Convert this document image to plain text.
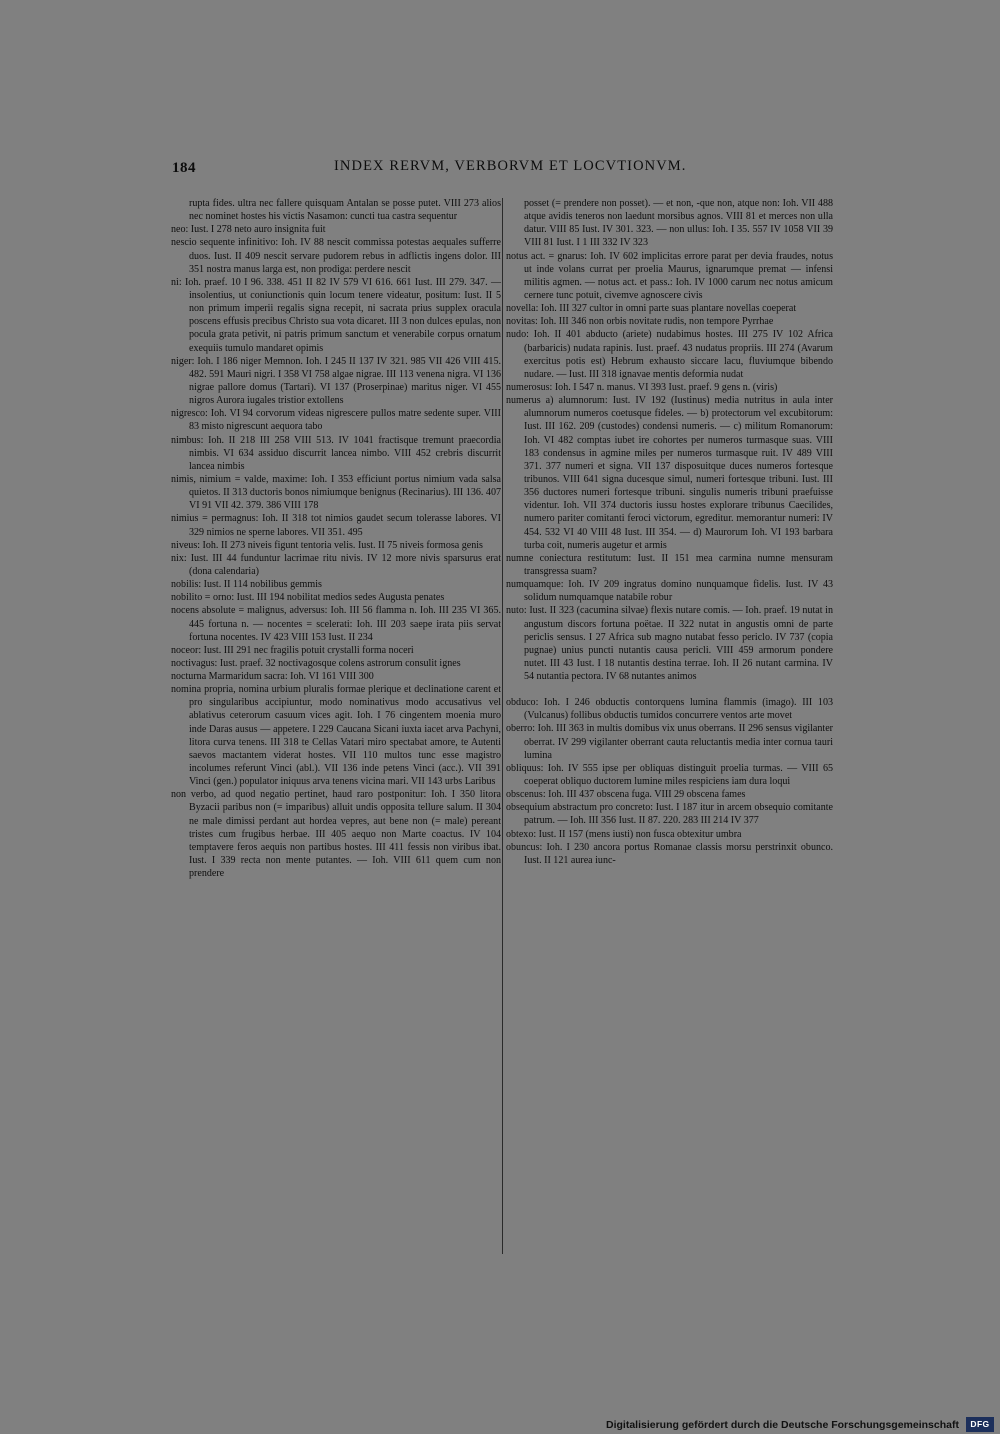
184	INDEX RERVM, VERBORVM ET LOCVTIONVM.

rupta fides. ultra nec fallere quisquam Antalan se posse putet. VIII 273 alios nec nominet hostes his victis Nasamon: cuncti tua castra sequentur

neo: Iust. I 278 neto auro insignita fuit

nescio sequente infinitivo: Ioh. IV 88 nescit commissa potestas aequales sufferre duos. Iust. II 409 nescit servare pudorem rebus in adflictis ingens dolor. III 351 nostra manus larga est, non prodiga: perdere nescit

ni: Ioh. praef. 10 I 96. 338. 451 II 82 IV 579 VI 616. 661 Iust. III 279. 347. — insolentius, ut coniunctionis quin locum tenere videatur, positum: Iust. II 5 non primum imperii regalis signa recepit, ni sacrata prius supplex oracula poscens effusis precibus Christo sua vota dicaret. III 3 non dulces epulas, non pocula grata petivit, ni patris primum sanctum et venerabile corpus ornatum exequiis tumulo mandaret opimis

niger: Ioh. I 186 niger Memnon. Ioh. I 245 II 137 IV 321. 985 VII 426 VIII 415. 482. 591 Mauri nigri. I 358 VI 758 algae nigrae. III 113 venena nigra. VI 136 nigrae pallore domus (Tartari). VI 137 (Proserpinae) maritus niger. VI 455 nigros Aurora iugales tristior extollens

nigresco: Ioh. VI 94 corvorum videas nigrescere pullos matre sedente super. VIII 83 misto nigrescunt aequora tabo

nimbus: Ioh. II 218 III 258 VIII 513. IV 1041 fractisque tremunt praecordia nimbis. VI 634 assiduo discurrit lancea nimbo. VIII 452 crebris discurrit lancea nimbis

nimis, nimium = valde, maxime: Ioh. I 353 efficiunt portus nimium vada salsa quietos. II 313 ductoris bonos nimiumque benignus (Recinarius). III 136. 407 VI 91 VII 42. 379. 386 VIII 178

nimius = permagnus: Ioh. II 318 tot nimios gaudet secum tolerasse labores. VI 329 nimios ne sperne labores. VII 351. 495

niveus: Ioh. II 273 niveis figunt tentoria velis. Iust. II 75 niveis formosa genis

nix: Iust. III 44 funduntur lacrimae ritu nivis. IV 12 more nivis sparsurus erat (dona calendaria)

nobilis: Iust. II 114 nobilibus gemmis

nobilito = orno: Iust. III 194 nobilitat medios sedes Augusta penates

nocens absolute = malignus, adversus: Ioh. III 56 flamma n. Ioh. III 235 VI 365. 445 fortuna n. — nocentes = scelerati: Ioh. III 203 saepe irata piis servat fortuna nocentes. IV 423 VIII 153 Iust. II 234

noceor: Iust. III 291 nec fragilis potuit crystalli forma noceri

noctivagus: Iust. praef. 32 noctivagosque colens astrorum consulit ignes

nocturna Marmaridum sacra: Ioh. VI 161 VIII 300

nomina propria, nomina urbium pluralis formae plerique et declinatione carent et pro singularibus accipiuntur, modo nominativus modo accusativus vel ablativus ceterorum casuum vices agit. Ioh. I 76 cingentem moenia muro inde Daras ausus — appetere. I 229 Caucana Sicani iuxta iacet arva Pachyni, litora curva tenens. III 318 te Cellas Vatari miro spectabat amore, te Autenti saevos mactantem viderat hostes. VII 110 multos tunc esse magistro incolumes referunt Vinci (abl.). VII 136 inde petens Vinci (acc.). VII 391 Vinci (gen.) populator iniquus arva tenens vicina mari. VII 143 urbs Laribus

non verbo, ad quod negatio pertinet, haud raro postponitur: Ioh. I 350 litora Byzacii paribus non (= imparibus) alluit undis opposita tellure salum. II 304 ne male dimissi perdant aut hordea vepres, aut bene non (= male) pereant tristes cum frugibus herbae. III 405 aequo non Marte coactus. IV 104 temptavere feros aequis non partibus hostes. III 411 fessis non viribus ibat. Iust. I 339 recta non mente putantes. — Ioh. VIII 611 quem cum non prendere

posset (= prendere non posset). — et non, -que non, atque non: Ioh. VII 488 atque avidis teneros non laedunt morsibus agnos. VIII 81 et merces non ulla datur. VIII 85 Iust. IV 301. 323. — non ullus: Ioh. I 35. 557 IV 1058 VII 39 VIII 81 Iust. I 1 III 332 IV 323

notus act. = gnarus: Ioh. IV 602 implicitas errore parat per devia fraudes, notus ut inde volans currat per proelia Maurus, ignarumque premat — infensi militis agmen. — notus act. et pass.: Ioh. IV 1000 carum nec notus amicum cernere tunc potuit, civemve agnoscere civis

novella: Ioh. III 327 cultor in omni parte suas plantare novellas coeperat

novitas: Ioh. III 346 non orbis novitate rudis, non tempore Pyrrhae

nudo: Ioh. II 401 abducto (ariete) nudabimus hostes. III 275 IV 102 Africa (barbaricis) nudata rapinis. Iust. praef. 43 nudatus propriis. III 274 (Avarum exercitus potis est) Hebrum exhausto siccare lacu, fluviumque bibendo nudare. — Iust. III 318 ignavae mentis deformia nudat

numerosus: Ioh. I 547 n. manus. VI 393 Iust. praef. 9 gens n. (viris)

numerus a) alumnorum: Iust. IV 192 (Iustinus) media nutritus in aula inter alumnorum numeros coetusque fideles. — b) protectorum vel excubitorum: Iust. III 162. 209 (custodes) condensi numeris. — c) militum Romanorum: Ioh. VI 482 comptas iubet ire cohortes per numeros turmasque suas. VIII 183 condensus in agmine miles per numeros turmasque ruit. IV 489 VIII 371. 377 numeri et signa. VII 137 disposuitque duces numeros fortesque tribunos. VIII 641 signa ducesque simul, numeri fortesque tribuni. Iust. III 356 ductores numeri fortesque tribuni. singulis numeris tribuni praefuisse videntur. Ioh. VII 374 ductoris iussu hostes explorare tribunus Caecilides, numero pariter comitanti feroci victorum, egreditur. memorantur numeri: IV 454. 532 VI 40 VIII 48 Iust. III 354. — d) Maurorum Ioh. VI 193 barbara turba coit, numeris augetur et armis

numne coniectura restitutum: Iust. II 151 mea carmina numne mensuram transgressa suam?

numquamque: Ioh. IV 209 ingratus domino nunquamque fidelis. Iust. IV 43 solidum numquamque natabile robur

nuto: Iust. II 323 (cacumina silvae) flexis nutare comis. — Ioh. praef. 19 nutat in angustum discors fortuna poëtae. II 322 nutat in angustis omni de parte periclis sensus. I 27 Africa sub magno nutabat fesso periclo. IV 737 (copia pugnae) unius puncti nutantis causa pericli. VIII 459 armorum pondere nutet. III 43 Iust. I 18 nutantis destina terrae. Ioh. II 26 nutant carmina. IV 54 nutantia pectora. IV 68 nutantes animos

obduco: Ioh. I 246 obductis contorquens lumina flammis (imago). III 103 (Vulcanus) follibus obductis tumidos concurrere ventos arte movet

oberro: Ioh. III 363 in multis domibus vix unus oberrans. II 296 sensus vigilanter oberrat. IV 299 vigilanter oberrant cauta reluctantis media inter cornua tauri lumina

obliquus: Ioh. IV 555 ipse per obliquas distinguit proelia turmas. — VIII 65 coeperat obliquo ductorem lumine miles respiciens iam dura loqui

obscenus: Ioh. III 437 obscena fuga. VIII 29 obscena fames

obsequium abstractum pro concreto: Iust. I 187 itur in arcem obsequio comitante patrum. — Ioh. III 356 Iust. II 87. 220. 283 III 214 IV 377

obtexo: Iust. II 157 (mens iusti) non fusca obtexitur umbra

obuncus: Ioh. I 230 ancora portus Romanae classis morsu perstrinxit obunco. Iust. II 121 aurea iunc-

Digitalisierung gefördert durch die Deutsche Forschungsgemeinschaft	DFG
